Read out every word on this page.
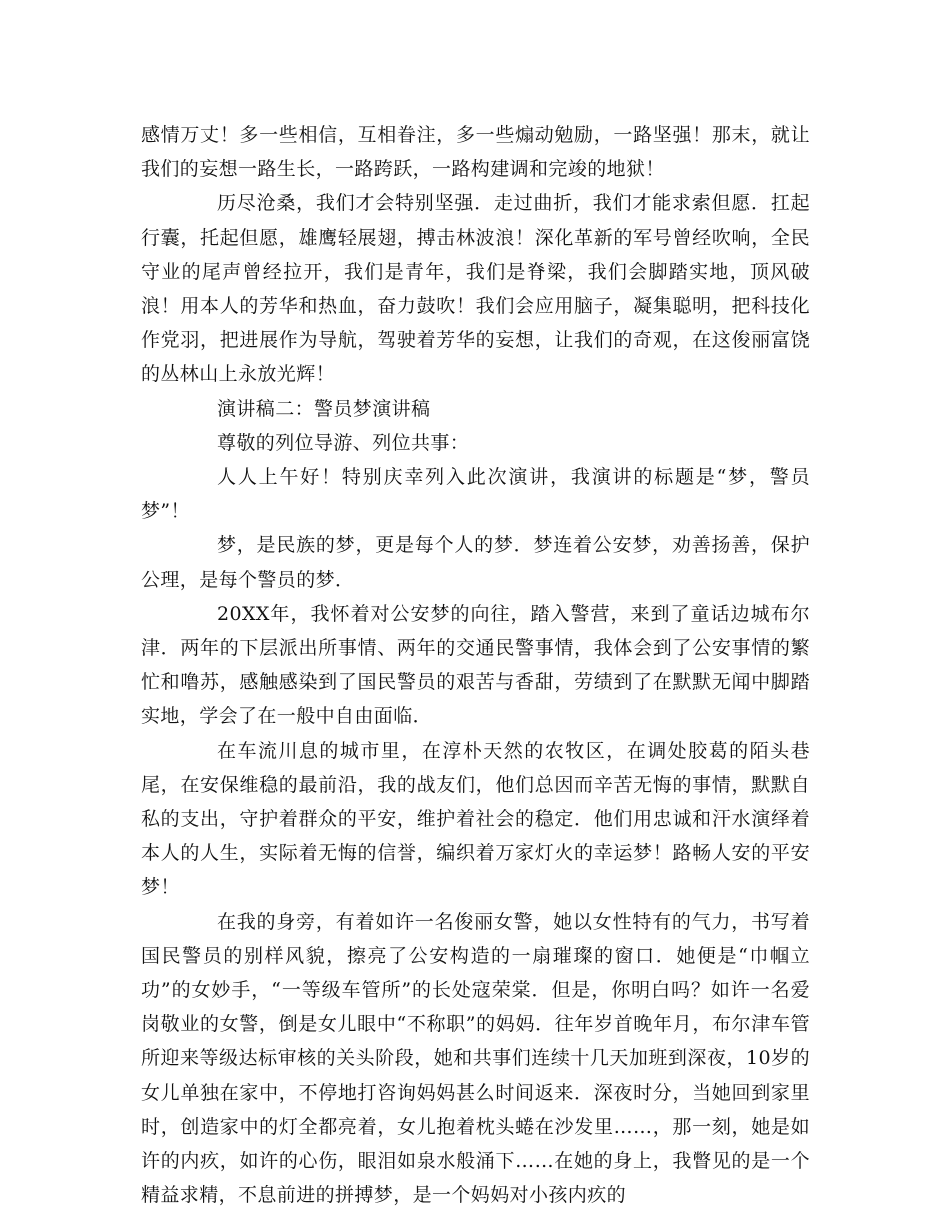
感情万丈！多一些相信，互相眷注，多一些煽动勉励，一路坚强！那末，就让我们的妄想一路生长，一路跨跃，一路构建调和完竣的地狱！

历尽沧桑，我们才会特别坚强．走过曲折，我们才能求索但愿．扛起行囊，托起但愿，雄鹰轻展翅，搏击林波浪！深化革新的军号曾经吹响，全民守业的尾声曾经拉开，我们是青年，我们是脊梁，我们会脚踏实地，顶风破浪！用本人的芳华和热血，奋力鼓吹！我们会应用脑子，凝集聪明，把科技化作党羽，把进展作为导航，驾驶着芳华的妄想，让我们的奇观，在这俊丽富饶的丛林山上永放光辉！

演讲稿二：警员梦演讲稿

尊敬的列位导游、列位共事：

人人上午好！特别庆幸列入此次演讲，我演讲的标题是“梦，警员梦”！

梦，是民族的梦，更是每个人的梦．梦连着公安梦，劝善扬善，保护公理，是每个警员的梦．

20XX年，我怀着对公安梦的向往，踏入警营，来到了童话边城布尔津．两年的下层派出所事情、两年的交通民警事情，我体会到了公安事情的繁忙和噜苏，感触感染到了国民警员的艰苦与香甜，劳绩到了在默默无闻中脚踏实地，学会了在一般中自由面临．

在车流川息的城市里，在淳朴天然的农牧区，在调处胶葛的陌头巷尾，在安保维稳的最前沿，我的战友们，他们总因而辛苦无悔的事情，默默自私的支出，守护着群众的平安，维护着社会的稳定．他们用忠诚和汗水演绎着本人的人生，实际着无悔的信誉，编织着万家灯火的幸运梦！路畅人安的平安梦！

在我的身旁，有着如许一名俊丽女警，她以女性特有的气力，书写着国民警员的别样风貌，擦亮了公安构造的一扇璀璨的窗口．她便是“巾帼立功”的女妙手，“一等级车管所”的长处寇荣棠．但是，你明白吗？如许一名爱岗敬业的女警，倒是女儿眼中“不称职”的妈妈．往年岁首晚年月，布尔津车管所迎来等级达标审核的关头阶段，她和共事们连续十几天加班到深夜，10岁的女儿单独在家中，不停地打咨询妈妈甚么时间返来．深夜时分，当她回到家里时，创造家中的灯全都亮着，女儿抱着枕头蜷在沙发里……，那一刻，她是如许的内疚，如许的心伤，眼泪如泉水般涌下……在她的身上，我瞥见的是一个精益求精，不息前进的拼搏梦，是一个妈妈对小孩内疚的
